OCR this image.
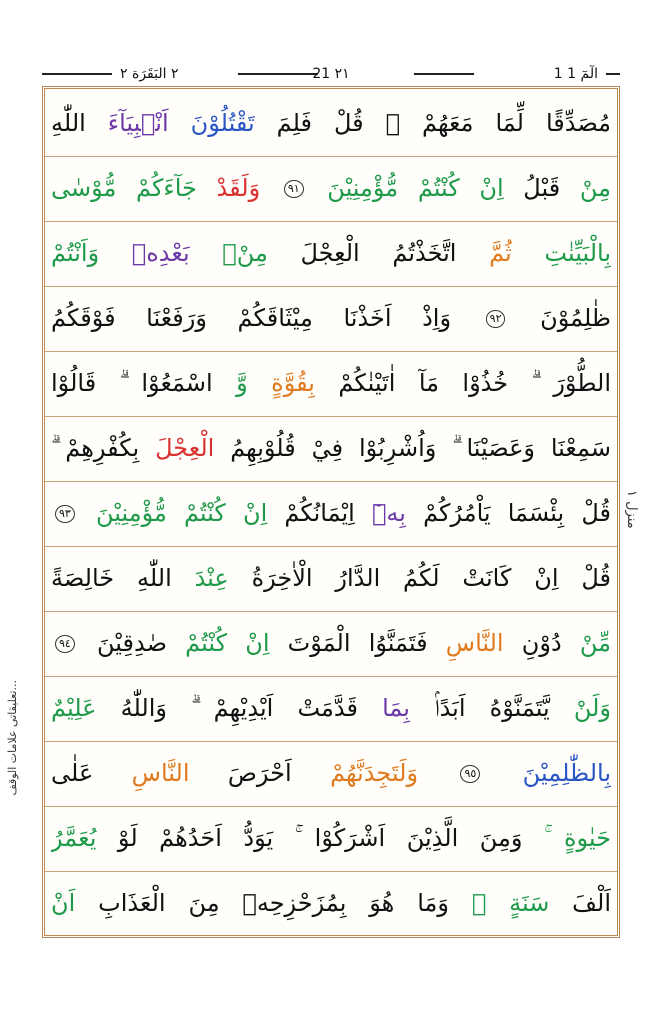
٢ البَقَرَة ٢	21 ٢١	1 الٓمٓ 1
مُصَدِّقًا لِّمَا مَعَهُمْ ۗ قُلْ فَلِمَ تَقْتُلُوْنَ اَنْۢبِيَآءَ اللّٰهِ
مِنْ قَبْلُ اِنْ كُنْتُمْ مُّؤْمِنِيْنَ ٩١ وَلَقَدْ جَآءَكُمْ مُّوْسٰى
بِالْبَيِّنٰتِ ثُمَّ اتَّخَذْتُمُ الْعِجْلَ مِنْۢ بَعْدِهٖ وَاَنْتُمْ
ظٰلِمُوْنَ ٩٢ وَاِذْ اَخَذْنَا مِيْثَاقَكُمْ وَرَفَعْنَا فَوْقَكُمُ
الطُّوْرَ ۗ خُذُوْا مَآ اٰتَيْنٰكُمْ بِقُوَّةٍ وَّ اسْمَعُوْا ۗ قَالُوْا
سَمِعْنَا وَعَصَيْنَا ۗ وَاُشْرِبُوْا فِيْ قُلُوْبِهِمُ الْعِجْلَ بِكُفْرِهِمْ ۗ
قُلْ بِئْسَمَا يَاْمُرُكُمْ بِهٖٓ اِيْمَانُكُمْ اِنْ كُنْتُمْ مُّؤْمِنِيْنَ ٩٣
قُلْ اِنْ كَانَتْ لَكُمُ الدَّارُ الْاٰخِرَةُ عِنْدَ اللّٰهِ خَالِصَةً
مِّنْ دُوْنِ النَّاسِ فَتَمَنَّوُا الْمَوْتَ اِنْ كُنْتُمْ صٰدِقِيْنَ ٩٤
وَلَنْ يَّتَمَنَّوْهُ اَبَدًاۢ بِمَا قَدَّمَتْ اَيْدِيْهِمْ ۗ وَاللّٰهُ عَلِيْمٌ
بِالظّٰلِمِيْنَ ٩٥ وَلَتَجِدَنَّهُمْ اَحْرَصَ النَّاسِ عَلٰى
حَيٰوةٍ ۚ وَمِنَ الَّذِيْنَ اَشْرَكُوْا ۚ يَوَدُّ اَحَدُهُمْ لَوْ يُعَمَّرُ
اَلْفَ سَنَةٍ ۚ وَمَا هُوَ بِمُزَحْزِحِهٖ مِنَ الْعَذَابِ اَنْ
منزل ١
تعليقاتی علامات الوقف...
